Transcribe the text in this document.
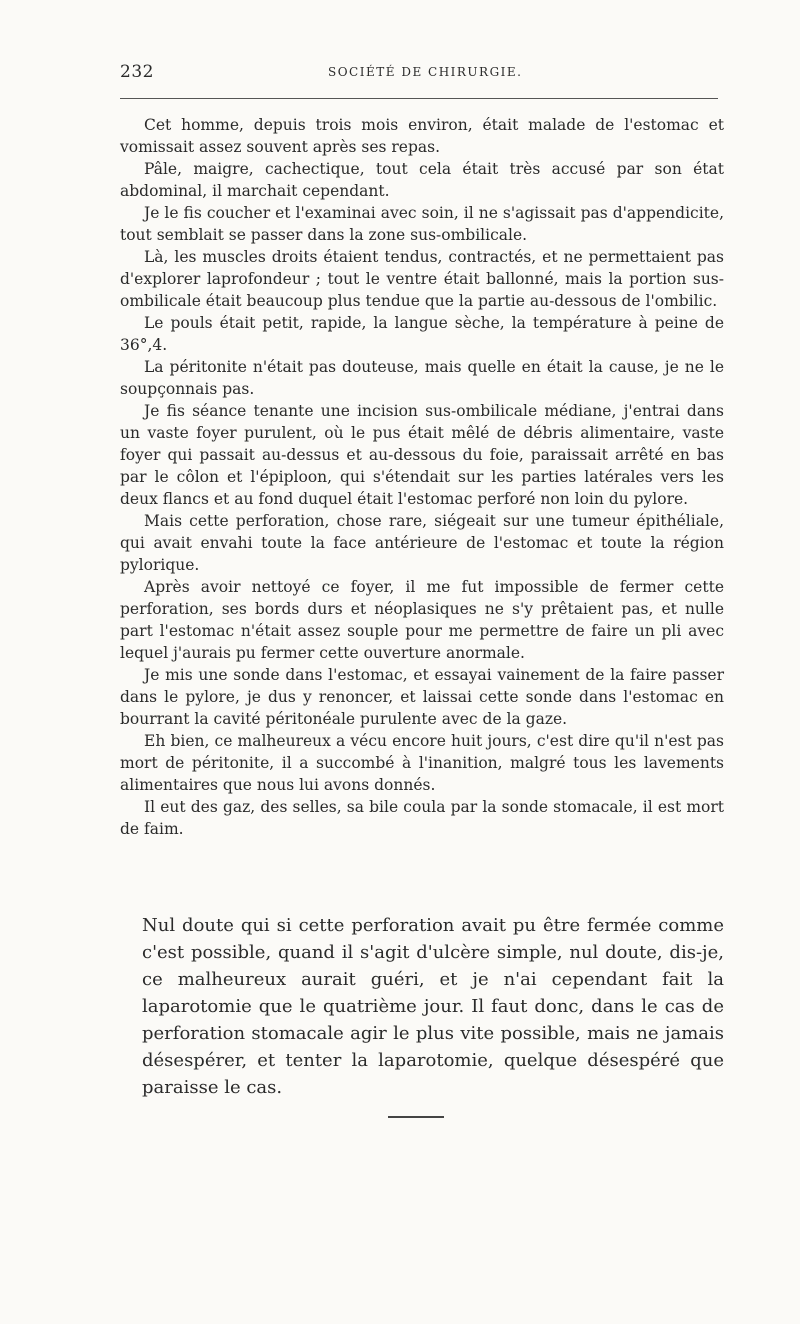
232	SOCIÉTÉ DE CHIRURGIE.

Cet homme, depuis trois mois environ, était malade de l'estomac et vomissait assez souvent après ses repas.

Pâle, maigre, cachectique, tout cela était très accusé par son état abdominal, il marchait cependant.

Je le fis coucher et l'examinai avec soin, il ne s'agissait pas d'appendicite, tout semblait se passer dans la zone sus-ombilicale.

Là, les muscles droits étaient tendus, contractés, et ne permettaient pas d'explorer laprofondeur ; tout le ventre était ballonné, mais la portion sus-ombilicale était beaucoup plus tendue que la partie au-dessous de l'ombilic.

Le pouls était petit, rapide, la langue sèche, la température à peine de 36°,4.

La péritonite n'était pas douteuse, mais quelle en était la cause, je ne le soupçonnais pas.

Je fis séance tenante une incision sus-ombilicale médiane, j'entrai dans un vaste foyer purulent, où le pus était mêlé de débris alimentaire, vaste foyer qui passait au-dessus et au-dessous du foie, paraissait arrêté en bas par le côlon et l'épiploon, qui s'étendait sur les parties latérales vers les deux flancs et au fond duquel était l'estomac perforé non loin du pylore.

Mais cette perforation, chose rare, siégeait sur une tumeur épithéliale, qui avait envahi toute la face antérieure de l'estomac et toute la région pylorique.

Après avoir nettoyé ce foyer, il me fut impossible de fermer cette perforation, ses bords durs et néoplasiques ne s'y prêtaient pas, et nulle part l'estomac n'était assez souple pour me permettre de faire un pli avec lequel j'aurais pu fermer cette ouverture anormale.

Je mis une sonde dans l'estomac, et essayai vainement de la faire passer dans le pylore, je dus y renoncer, et laissai cette sonde dans l'estomac en bourrant la cavité péritonéale purulente avec de la gaze.

Eh bien, ce malheureux a vécu encore huit jours, c'est dire qu'il n'est pas mort de péritonite, il a succombé à l'inanition, malgré tous les lavements alimentaires que nous lui avons donnés.

Il eut des gaz, des selles, sa bile coula par la sonde stomacale, il est mort de faim.

Nul doute qui si cette perforation avait pu être fermée comme c'est possible, quand il s'agit d'ulcère simple, nul doute, dis-je, ce malheureux aurait guéri, et je n'ai cependant fait la laparotomie que le quatrième jour. Il faut donc, dans le cas de perforation stomacale agir le plus vite possible, mais ne jamais désespérer, et tenter la laparotomie, quelque désespéré que paraisse le cas.
